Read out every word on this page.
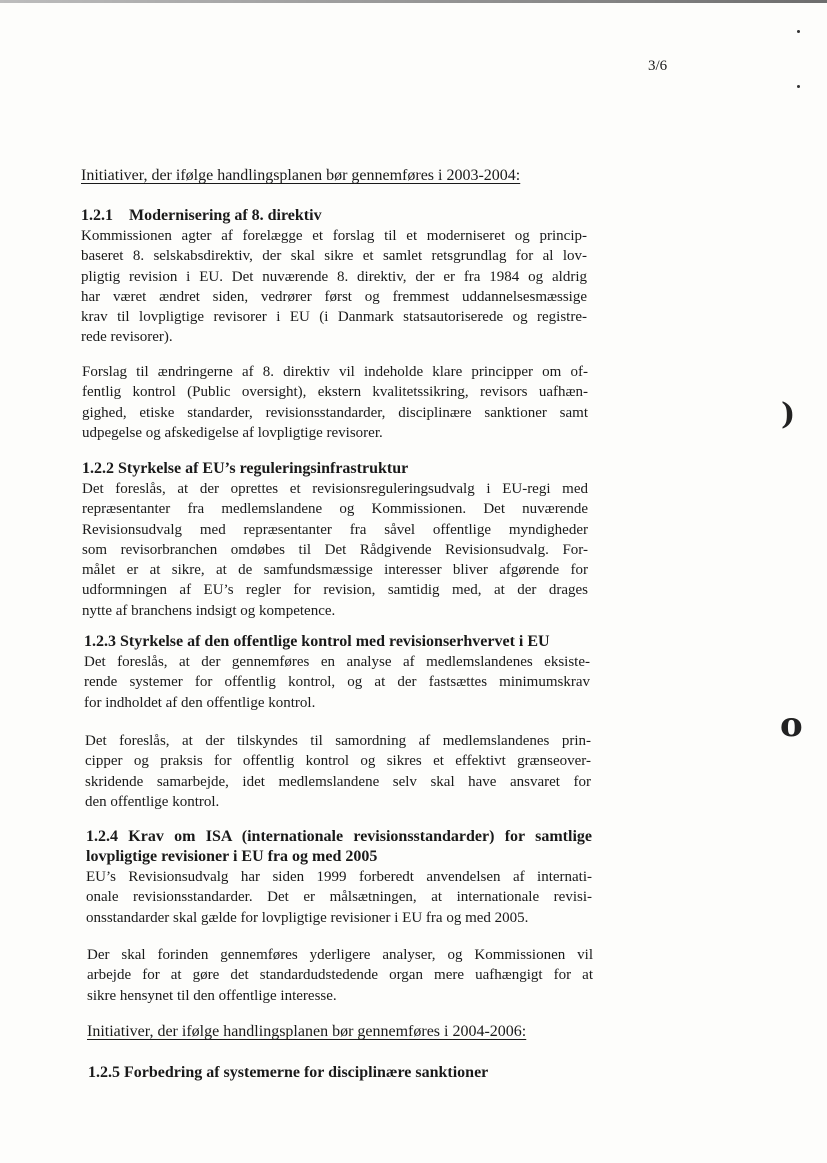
3/6
)
o
Initiativer, der ifølge handlingsplanen bør gennemføres i 2003-2004:

1.2.1 Modernisering af 8. direktiv

Kommissionen agter af forelægge et forslag til et moderniseret og princip-
baseret 8. selskabsdirektiv, der skal sikre et samlet retsgrundlag for al lov-
pligtig revision i EU. Det nuværende 8. direktiv, der er fra 1984 og aldrig
har været ændret siden, vedrører først og fremmest uddannelsesmæssige
krav til lovpligtige revisorer i EU (i Danmark statsautoriserede og registre-
rede revisorer).

Forslag til ændringerne af 8. direktiv vil indeholde klare principper om of-
fentlig kontrol (Public oversight), ekstern kvalitetssikring, revisors uafhæn-
gighed, etiske standarder, revisionsstandarder, disciplinære sanktioner samt
udpegelse og afskedigelse af lovpligtige revisorer.

1.2.2 Styrkelse af EU’s reguleringsinfrastruktur

Det foreslås, at der oprettes et revisionsreguleringsudvalg i EU-regi med
repræsentanter fra medlemslandene og Kommissionen. Det nuværende
Revisionsudvalg med repræsentanter fra såvel offentlige myndigheder
som revisorbranchen omdøbes til Det Rådgivende Revisionsudvalg. For-
målet er at sikre, at de samfundsmæssige interesser bliver afgørende for
udformningen af EU’s regler for revision, samtidig med, at der drages
nytte af branchens indsigt og kompetence.

1.2.3 Styrkelse af den offentlige kontrol med revisionserhvervet i EU

Det foreslås, at der gennemføres en analyse af medlemslandenes eksiste-
rende systemer for offentlig kontrol, og at der fastsættes minimumskrav
for indholdet af den offentlige kontrol.

Det foreslås, at der tilskyndes til samordning af medlemslandenes prin-
cipper og praksis for offentlig kontrol og sikres et effektivt grænseover-
skridende samarbejde, idet medlemslandene selv skal have ansvaret for
den offentlige kontrol.

1.2.4 Krav om ISA (internationale revisionsstandarder) for samtlige
lovpligtige revisioner i EU fra og med 2005

EU’s Revisionsudvalg har siden 1999 forberedt anvendelsen af internati-
onale revisionsstandarder. Det er målsætningen, at internationale revisi-
onsstandarder skal gælde for lovpligtige revisioner i EU fra og med 2005.

Der skal forinden gennemføres yderligere analyser, og Kommissionen vil
arbejde for at gøre det standardudstedende organ mere uafhængigt for at
sikre hensynet til den offentlige interesse.

Initiativer, der ifølge handlingsplanen bør gennemføres i 2004-2006:

1.2.5 Forbedring af systemerne for disciplinære sanktioner
